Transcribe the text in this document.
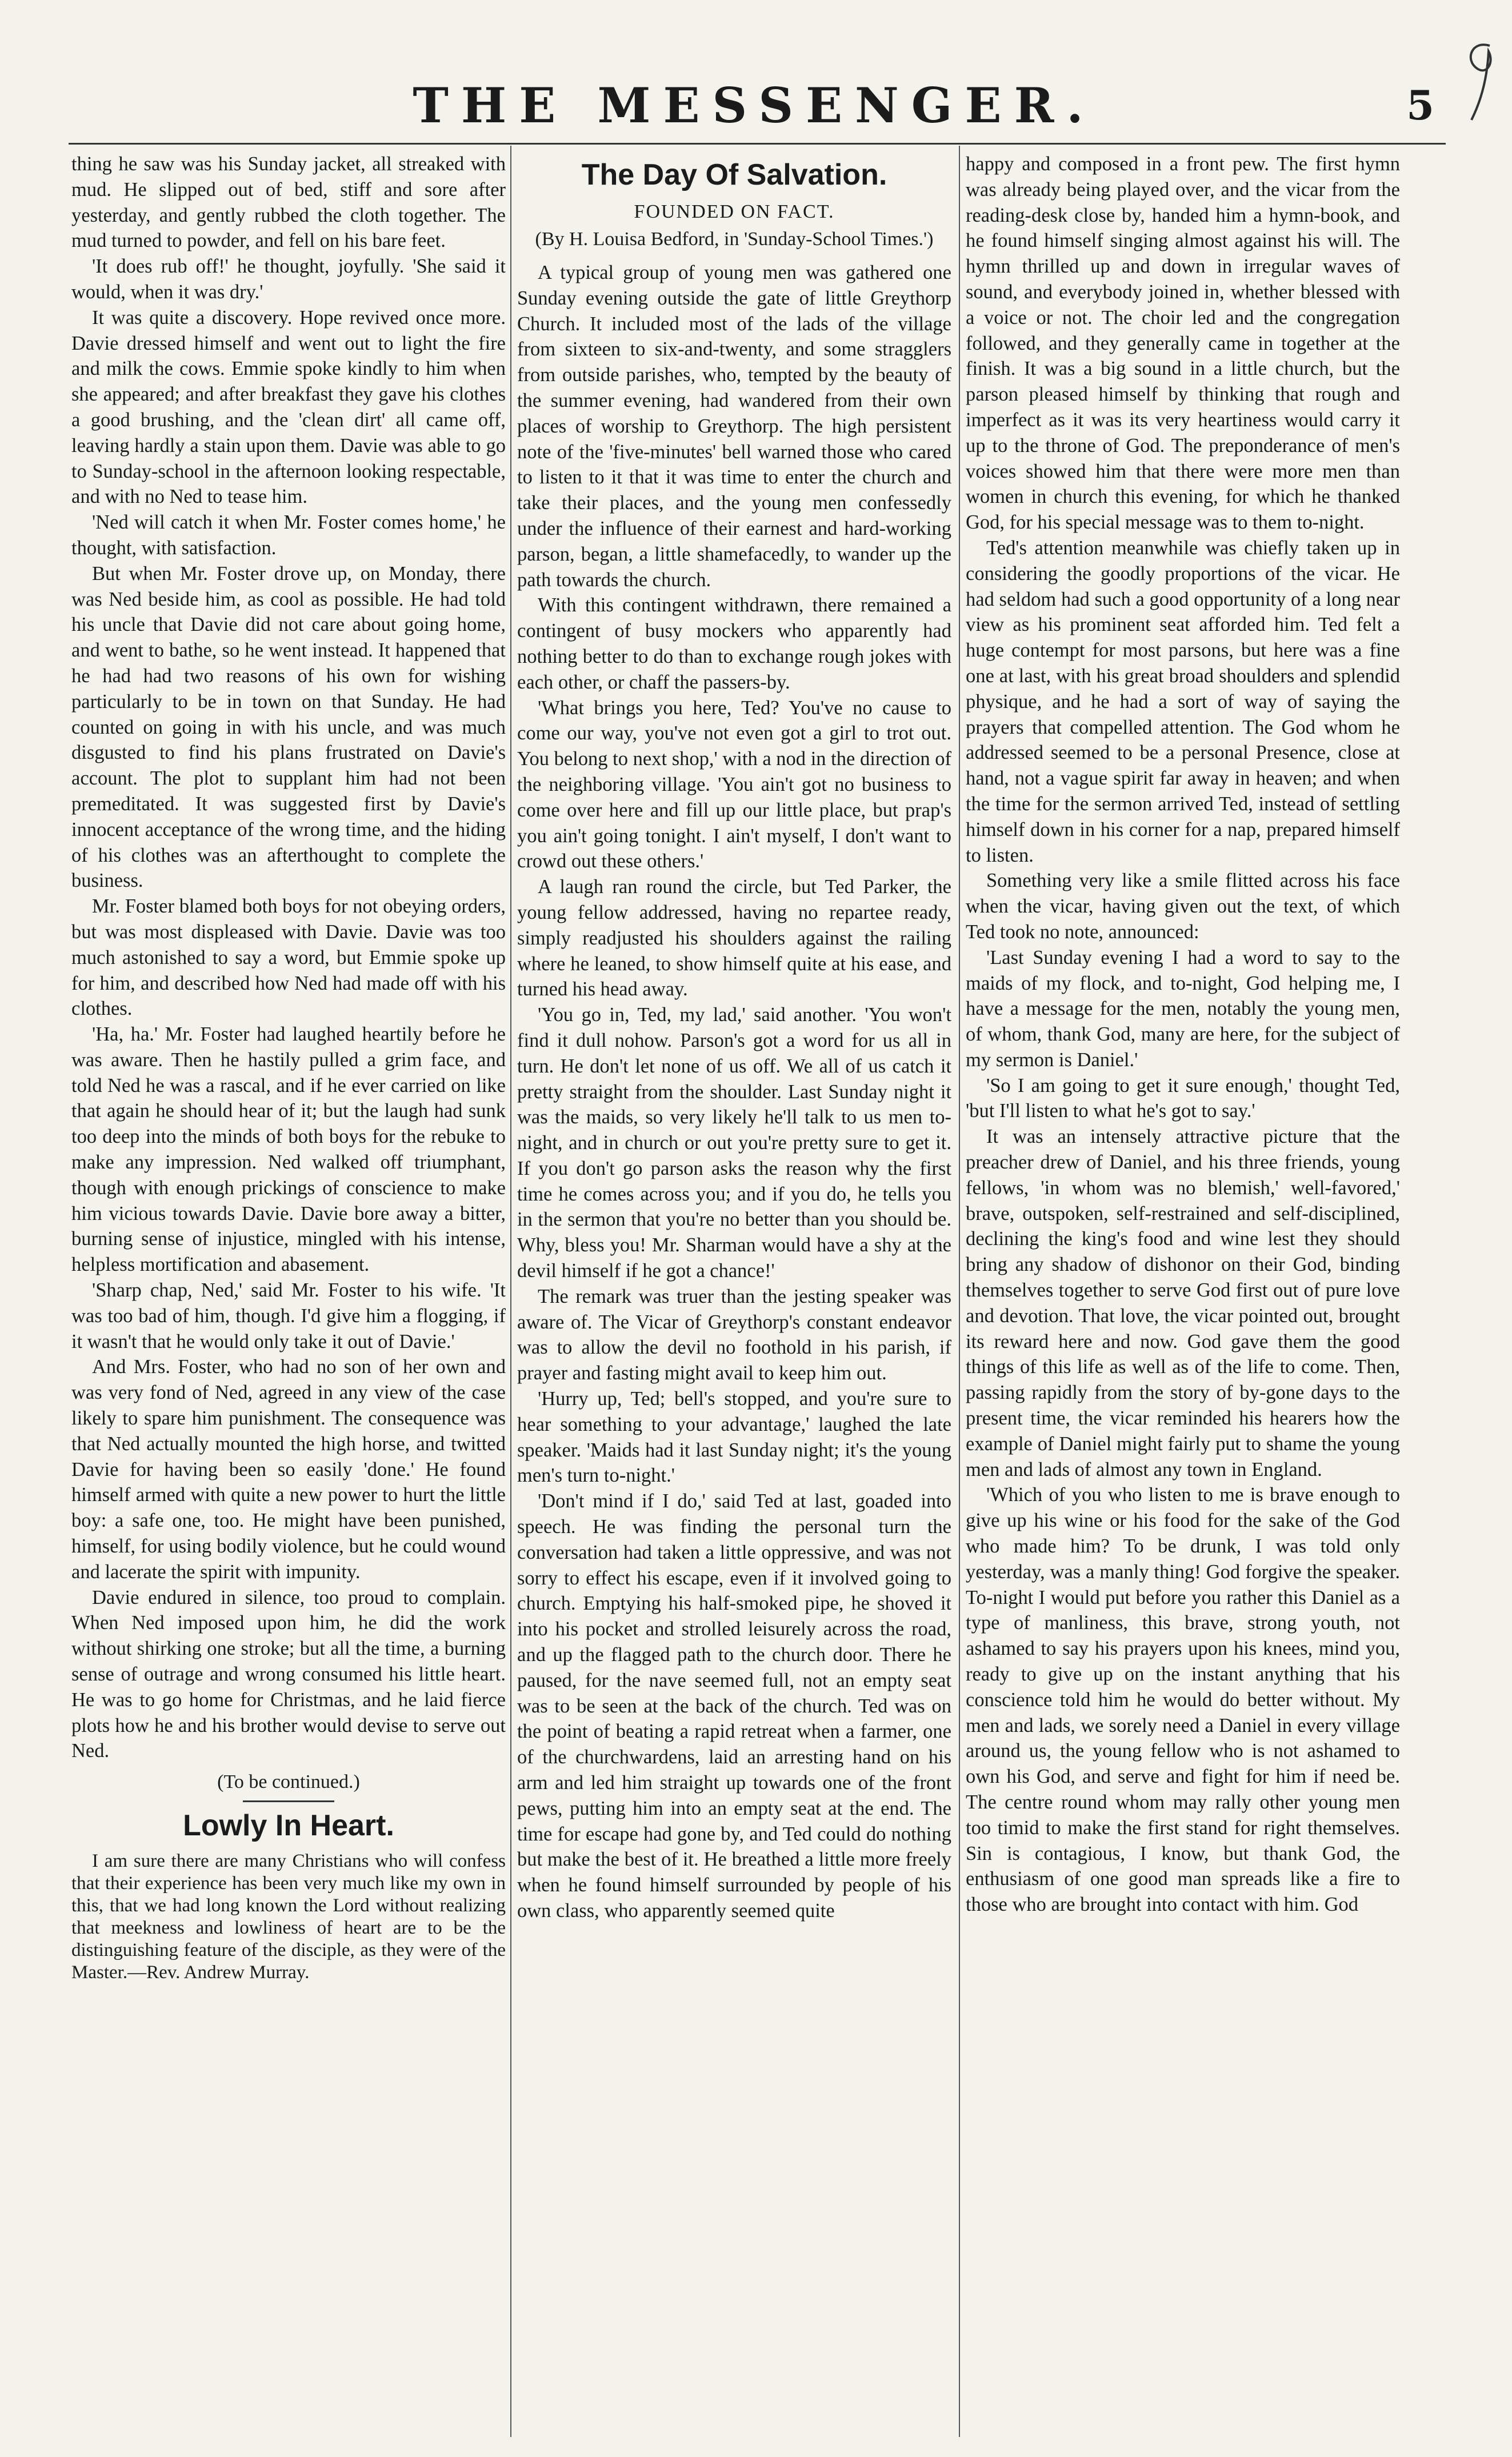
THE MESSENGER.	5

thing he saw was his Sunday jacket, all streaked with mud. He slipped out of bed, stiff and sore after yesterday, and gently rubbed the cloth together. The mud turned to powder, and fell on his bare feet.

'It does rub off!' he thought, joyfully. 'She said it would, when it was dry.'

It was quite a discovery. Hope revived once more. Davie dressed himself and went out to light the fire and milk the cows. Emmie spoke kindly to him when she appeared; and after breakfast they gave his clothes a good brushing, and the 'clean dirt' all came off, leaving hardly a stain upon them. Davie was able to go to Sunday-school in the afternoon looking respectable, and with no Ned to tease him.

'Ned will catch it when Mr. Foster comes home,' he thought, with satisfaction.

But when Mr. Foster drove up, on Monday, there was Ned beside him, as cool as possible. He had told his uncle that Davie did not care about going home, and went to bathe, so he went instead. It happened that he had had two reasons of his own for wishing particularly to be in town on that Sunday. He had counted on going in with his uncle, and was much disgusted to find his plans frustrated on Davie's account. The plot to supplant him had not been premeditated. It was suggested first by Davie's innocent acceptance of the wrong time, and the hiding of his clothes was an afterthought to complete the business.

Mr. Foster blamed both boys for not obeying orders, but was most displeased with Davie. Davie was too much astonished to say a word, but Emmie spoke up for him, and described how Ned had made off with his clothes.

'Ha, ha.' Mr. Foster had laughed heartily before he was aware. Then he hastily pulled a grim face, and told Ned he was a rascal, and if he ever carried on like that again he should hear of it; but the laugh had sunk too deep into the minds of both boys for the rebuke to make any impression. Ned walked off triumphant, though with enough prickings of conscience to make him vicious towards Davie. Davie bore away a bitter, burning sense of injustice, mingled with his intense, helpless mortification and abasement.

'Sharp chap, Ned,' said Mr. Foster to his wife. 'It was too bad of him, though. I'd give him a flogging, if it wasn't that he would only take it out of Davie.'

And Mrs. Foster, who had no son of her own and was very fond of Ned, agreed in any view of the case likely to spare him punishment. The consequence was that Ned actually mounted the high horse, and twitted Davie for having been so easily 'done.' He found himself armed with quite a new power to hurt the little boy: a safe one, too. He might have been punished, himself, for using bodily violence, but he could wound and lacerate the spirit with impunity.

Davie endured in silence, too proud to complain. When Ned imposed upon him, he did the work without shirking one stroke; but all the time, a burning sense of outrage and wrong consumed his little heart. He was to go home for Christmas, and he laid fierce plots how he and his brother would devise to serve out Ned.

(To be continued.)
Lowly In Heart.

I am sure there are many Christians who will confess that their experience has been very much like my own in this, that we had long known the Lord without realizing that meekness and lowliness of heart are to be the distinguishing feature of the disciple, as they were of the Master.—Rev. Andrew Murray.

The Day Of Salvation.
FOUNDED ON FACT.
(By H. Louisa Bedford, in 'Sunday-School Times.')

A typical group of young men was gathered one Sunday evening outside the gate of little Greythorp Church. It included most of the lads of the village from sixteen to six-and-twenty, and some stragglers from outside parishes, who, tempted by the beauty of the summer evening, had wandered from their own places of worship to Greythorp. The high persistent note of the 'five-minutes' bell warned those who cared to listen to it that it was time to enter the church and take their places, and the young men confessedly under the influence of their earnest and hard-working parson, began, a little shamefacedly, to wander up the path towards the church.

With this contingent withdrawn, there remained a contingent of busy mockers who apparently had nothing better to do than to exchange rough jokes with each other, or chaff the passers-by.

'What brings you here, Ted? You've no cause to come our way, you've not even got a girl to trot out. You belong to next shop,' with a nod in the direction of the neighboring village. 'You ain't got no business to come over here and fill up our little place, but prap's you ain't going tonight. I ain't myself, I don't want to crowd out these others.'

A laugh ran round the circle, but Ted Parker, the young fellow addressed, having no repartee ready, simply readjusted his shoulders against the railing where he leaned, to show himself quite at his ease, and turned his head away.

'You go in, Ted, my lad,' said another. 'You won't find it dull nohow. Parson's got a word for us all in turn. He don't let none of us off. We all of us catch it pretty straight from the shoulder. Last Sunday night it was the maids, so very likely he'll talk to us men to-night, and in church or out you're pretty sure to get it. If you don't go parson asks the reason why the first time he comes across you; and if you do, he tells you in the sermon that you're no better than you should be. Why, bless you! Mr. Sharman would have a shy at the devil himself if he got a chance!'

The remark was truer than the jesting speaker was aware of. The Vicar of Greythorp's constant endeavor was to allow the devil no foothold in his parish, if prayer and fasting might avail to keep him out.

'Hurry up, Ted; bell's stopped, and you're sure to hear something to your advantage,' laughed the late speaker. 'Maids had it last Sunday night; it's the young men's turn to-night.'

'Don't mind if I do,' said Ted at last, goaded into speech. He was finding the personal turn the conversation had taken a little oppressive, and was not sorry to effect his escape, even if it involved going to church. Emptying his half-smoked pipe, he shoved it into his pocket and strolled leisurely across the road, and up the flagged path to the church door. There he paused, for the nave seemed full, not an empty seat was to be seen at the back of the church. Ted was on the point of beating a rapid retreat when a farmer, one of the churchwardens, laid an arresting hand on his arm and led him straight up towards one of the front pews, putting him into an empty seat at the end. The time for escape had gone by, and Ted could do nothing but make the best of it. He breathed a little more freely when he found himself surrounded by people of his own class, who apparently seemed quite

happy and composed in a front pew. The first hymn was already being played over, and the vicar from the reading-desk close by, handed him a hymn-book, and he found himself singing almost against his will. The hymn thrilled up and down in irregular waves of sound, and everybody joined in, whether blessed with a voice or not. The choir led and the congregation followed, and they generally came in together at the finish. It was a big sound in a little church, but the parson pleased himself by thinking that rough and imperfect as it was its very heartiness would carry it up to the throne of God. The preponderance of men's voices showed him that there were more men than women in church this evening, for which he thanked God, for his special message was to them to-night.

Ted's attention meanwhile was chiefly taken up in considering the goodly proportions of the vicar. He had seldom had such a good opportunity of a long near view as his prominent seat afforded him. Ted felt a huge contempt for most parsons, but here was a fine one at last, with his great broad shoulders and splendid physique, and he had a sort of way of saying the prayers that compelled attention. The God whom he addressed seemed to be a personal Presence, close at hand, not a vague spirit far away in heaven; and when the time for the sermon arrived Ted, instead of settling himself down in his corner for a nap, prepared himself to listen.

Something very like a smile flitted across his face when the vicar, having given out the text, of which Ted took no note, announced:

'Last Sunday evening I had a word to say to the maids of my flock, and to-night, God helping me, I have a message for the men, notably the young men, of whom, thank God, many are here, for the subject of my sermon is Daniel.'

'So I am going to get it sure enough,' thought Ted, 'but I'll listen to what he's got to say.'

It was an intensely attractive picture that the preacher drew of Daniel, and his three friends, young fellows, 'in whom was no blemish,' well-favored,' brave, outspoken, self-restrained and self-disciplined, declining the king's food and wine lest they should bring any shadow of dishonor on their God, binding themselves together to serve God first out of pure love and devotion. That love, the vicar pointed out, brought its reward here and now. God gave them the good things of this life as well as of the life to come. Then, passing rapidly from the story of by-gone days to the present time, the vicar reminded his hearers how the example of Daniel might fairly put to shame the young men and lads of almost any town in England.

'Which of you who listen to me is brave enough to give up his wine or his food for the sake of the God who made him? To be drunk, I was told only yesterday, was a manly thing! God forgive the speaker. To-night I would put before you rather this Daniel as a type of manliness, this brave, strong youth, not ashamed to say his prayers upon his knees, mind you, ready to give up on the instant anything that his conscience told him he would do better without. My men and lads, we sorely need a Daniel in every village around us, the young fellow who is not ashamed to own his God, and serve and fight for him if need be. The centre round whom may rally other young men too timid to make the first stand for right themselves. Sin is contagious, I know, but thank God, the enthusiasm of one good man spreads like a fire to those who are brought into contact with him. God
